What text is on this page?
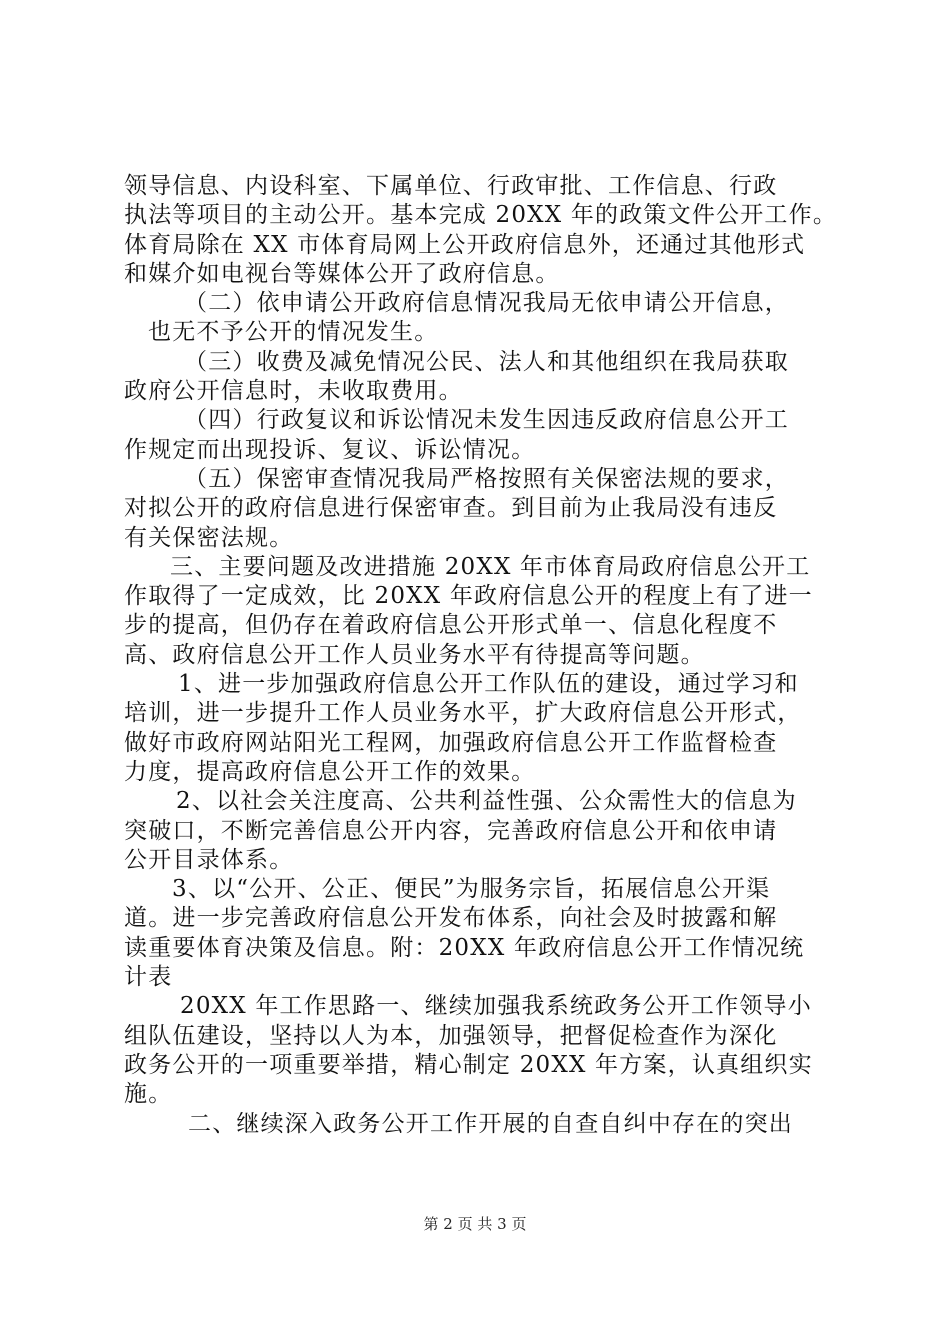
领导信息、内设科室、下属单位、行政审批、工作信息、行政
执法等项目的主动公开。基本完成 20XX 年的政策文件公开工作。
体育局除在 XX 市体育局网上公开政府信息外，还通过其他形式
和媒介如电视台等媒体公开了政府信息。
（二）依申请公开政府信息情况我局无依申请公开信息，
也无不予公开的情况发生。
（三）收费及减免情况公民、法人和其他组织在我局获取
政府公开信息时，未收取费用。
（四）行政复议和诉讼情况未发生因违反政府信息公开工
作规定而出现投诉、复议、诉讼情况。
（五）保密审查情况我局严格按照有关保密法规的要求，
对拟公开的政府信息进行保密审查。到目前为止我局没有违反
有关保密法规。
三、主要问题及改进措施 20XX 年市体育局政府信息公开工
作取得了一定成效，比 20XX 年政府信息公开的程度上有了进一
步的提高，但仍存在着政府信息公开形式单一、信息化程度不
高、政府信息公开工作人员业务水平有待提高等问题。
1、进一步加强政府信息公开工作队伍的建设，通过学习和
培训，进一步提升工作人员业务水平，扩大政府信息公开形式，
做好市政府网站阳光工程网，加强政府信息公开工作监督检查
力度，提高政府信息公开工作的效果。
2、以社会关注度高、公共利益性强、公众需性大的信息为
突破口，不断完善信息公开内容，完善政府信息公开和依申请
公开目录体系。
3、以“公开、公正、便民”为服务宗旨，拓展信息公开渠
道。进一步完善政府信息公开发布体系，向社会及时披露和解
读重要体育决策及信息。附：20XX 年政府信息公开工作情况统
计表
20XX 年工作思路一、继续加强我系统政务公开工作领导小
组队伍建设，坚持以人为本，加强领导，把督促检查作为深化
政务公开的一项重要举措，精心制定 20XX 年方案，认真组织实
施。
二、继续深入政务公开工作开展的自查自纠中存在的突出
第 2 页 共 3 页
